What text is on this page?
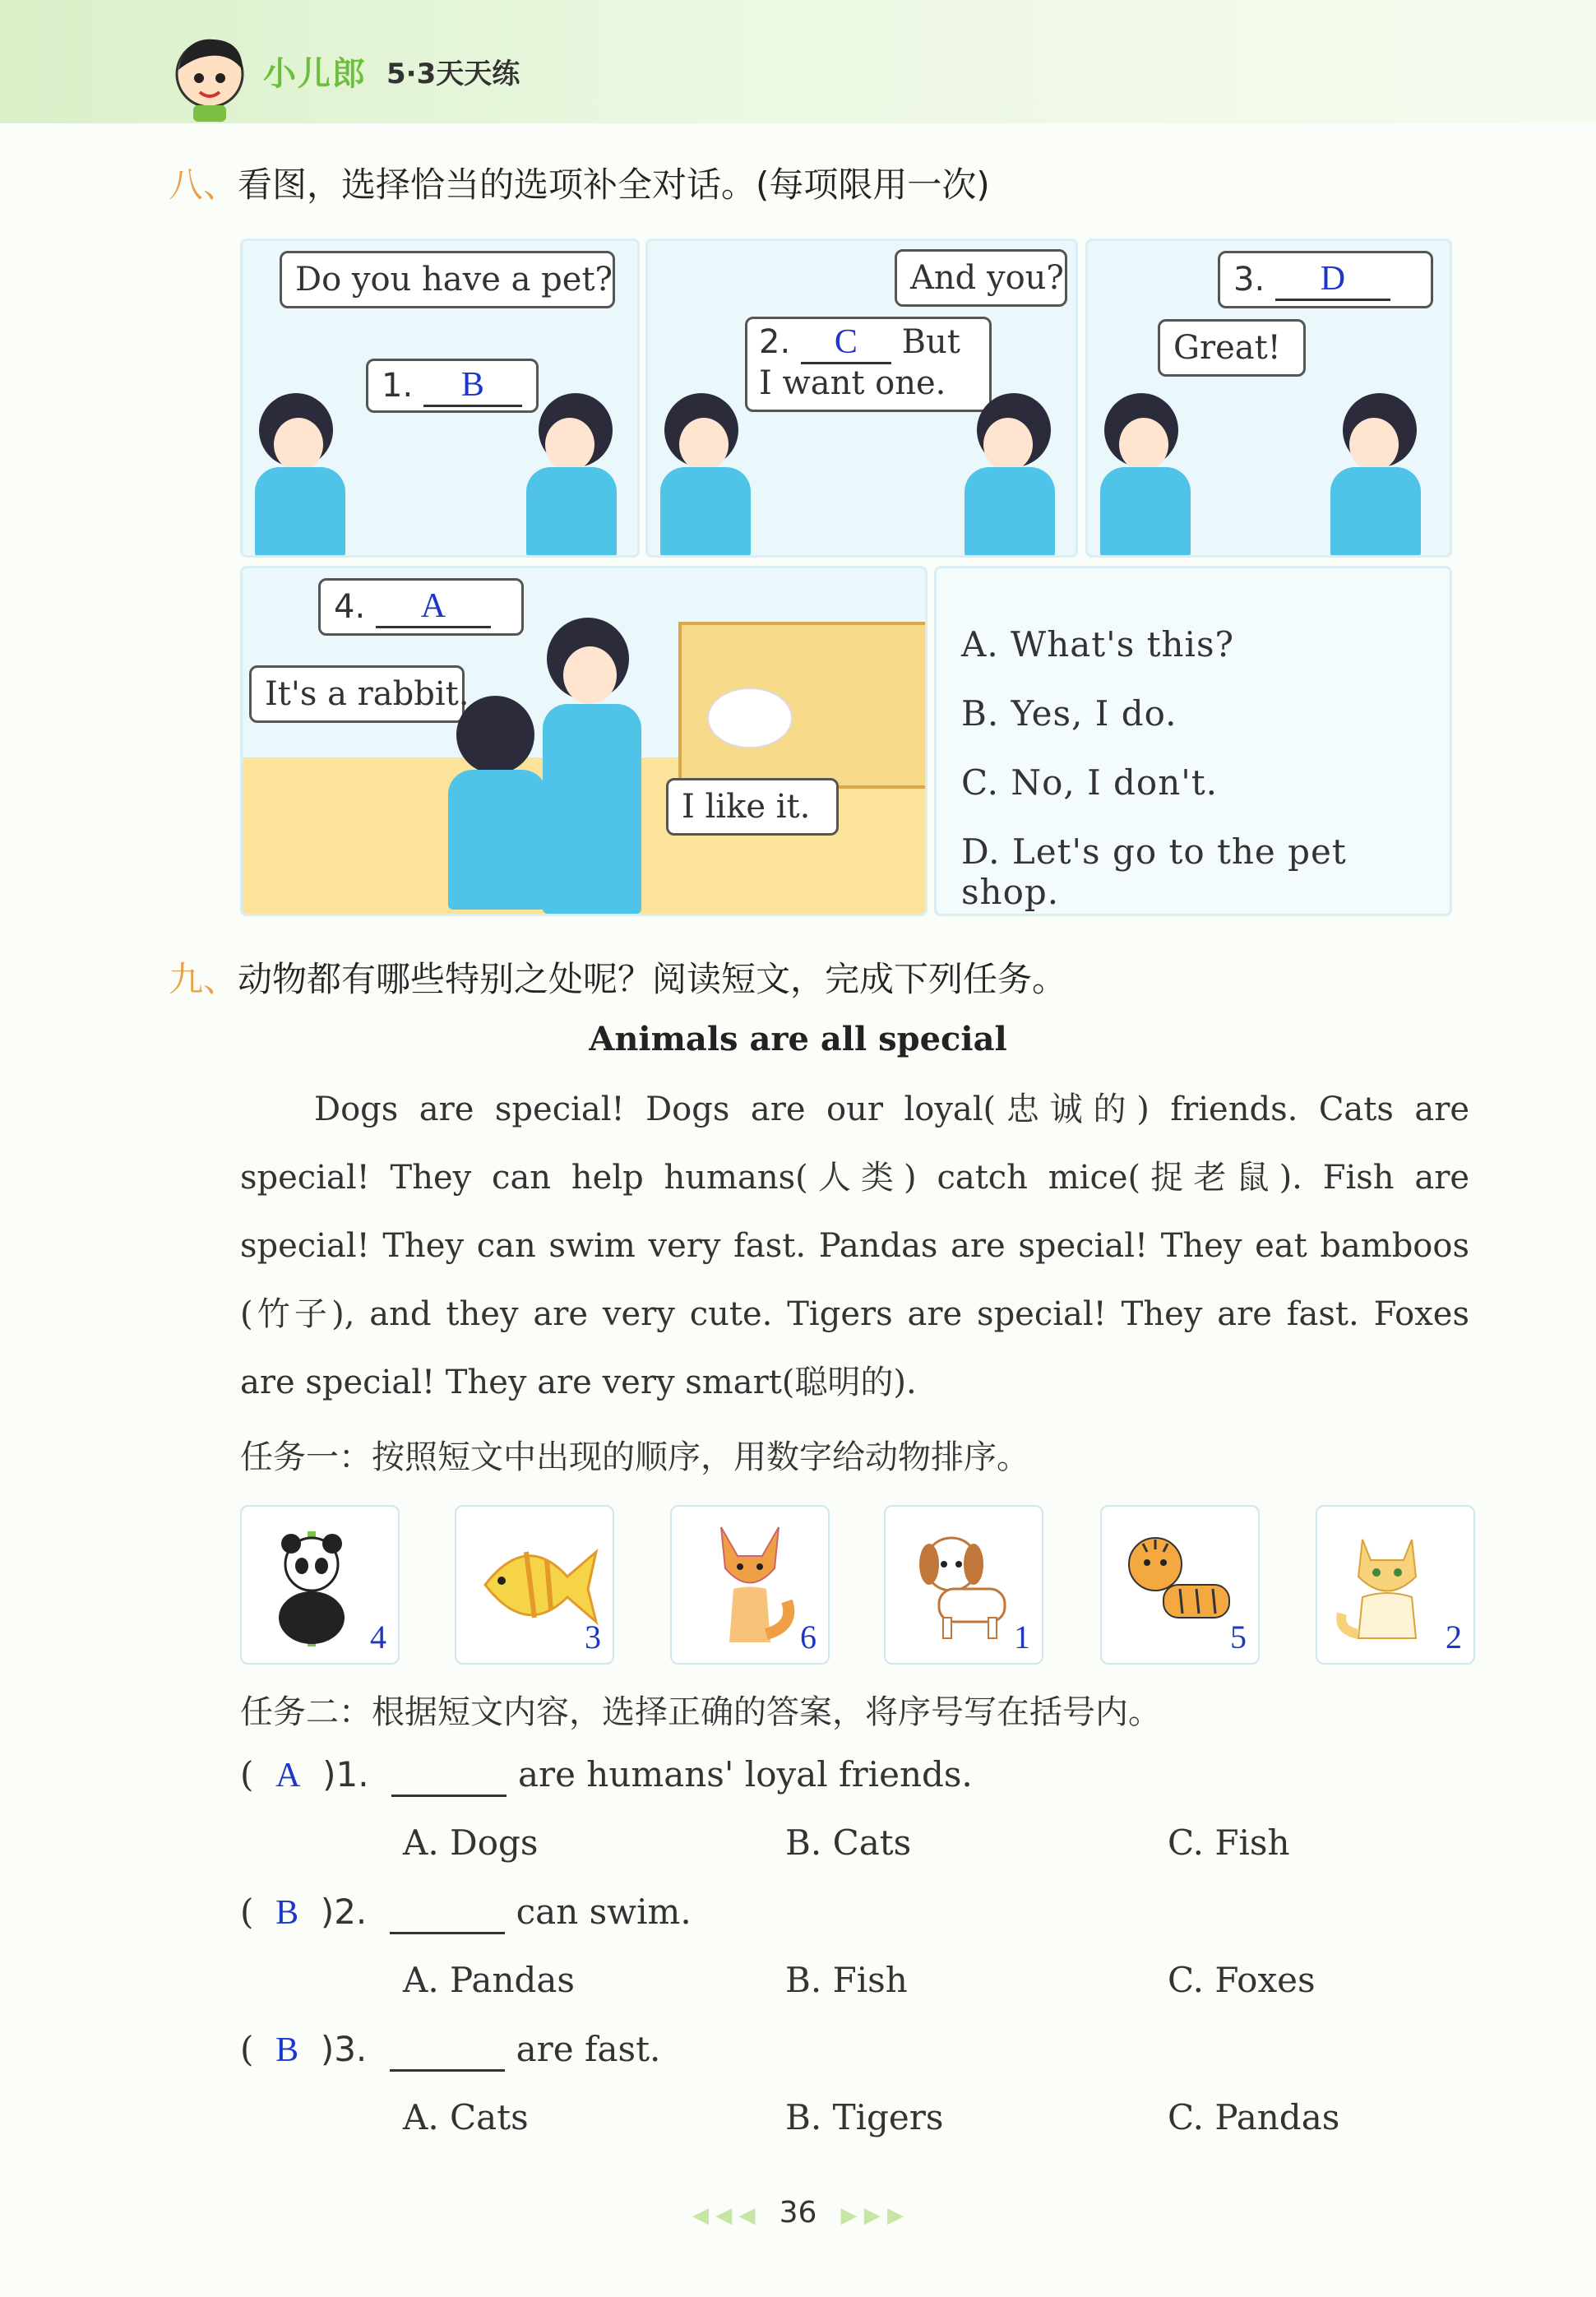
小儿郎 5·3天天练
八、看图，选择恰当的选项补全对话。(每项限用一次)
Do you have a pet?
1.
	B
And you?
2. C But
I want one.
3.
	D
Great!
4.
	A
It's a rabbit.
I like it.
A. What's this?
B. Yes, I do.
C. No, I don't.
D. Let's go to the pet shop.
九、动物都有哪些特别之处呢？阅读短文，完成下列任务。
Animals are all special
Dogs are special! Dogs are our loyal(忠诚的) friends. Cats are
special! They can help humans(人类) catch mice(捉老鼠). Fish are
special! They can swim very fast. Pandas are special! They eat bamboos
(竹子), and they are very cute. Tigers are special! They are fast. Foxes
are special! They are very smart(聪明的).
任务一：按照短文中出现的顺序，用数字给动物排序。
4	3	6	1	5	2
任务二：根据短文内容，选择正确的答案，将序号写在括号内。
(  A )1.	are humans' loyal friends.
A. Dogs	B. Cats	C. Fish
(  B )2.	can swim.
A. Pandas	B. Fish	C. Foxes
(  B )3.	are fast.
A. Cats	B. Tigers	C. Pandas
◀ ◀ ◀ 36 ▶ ▶ ▶
